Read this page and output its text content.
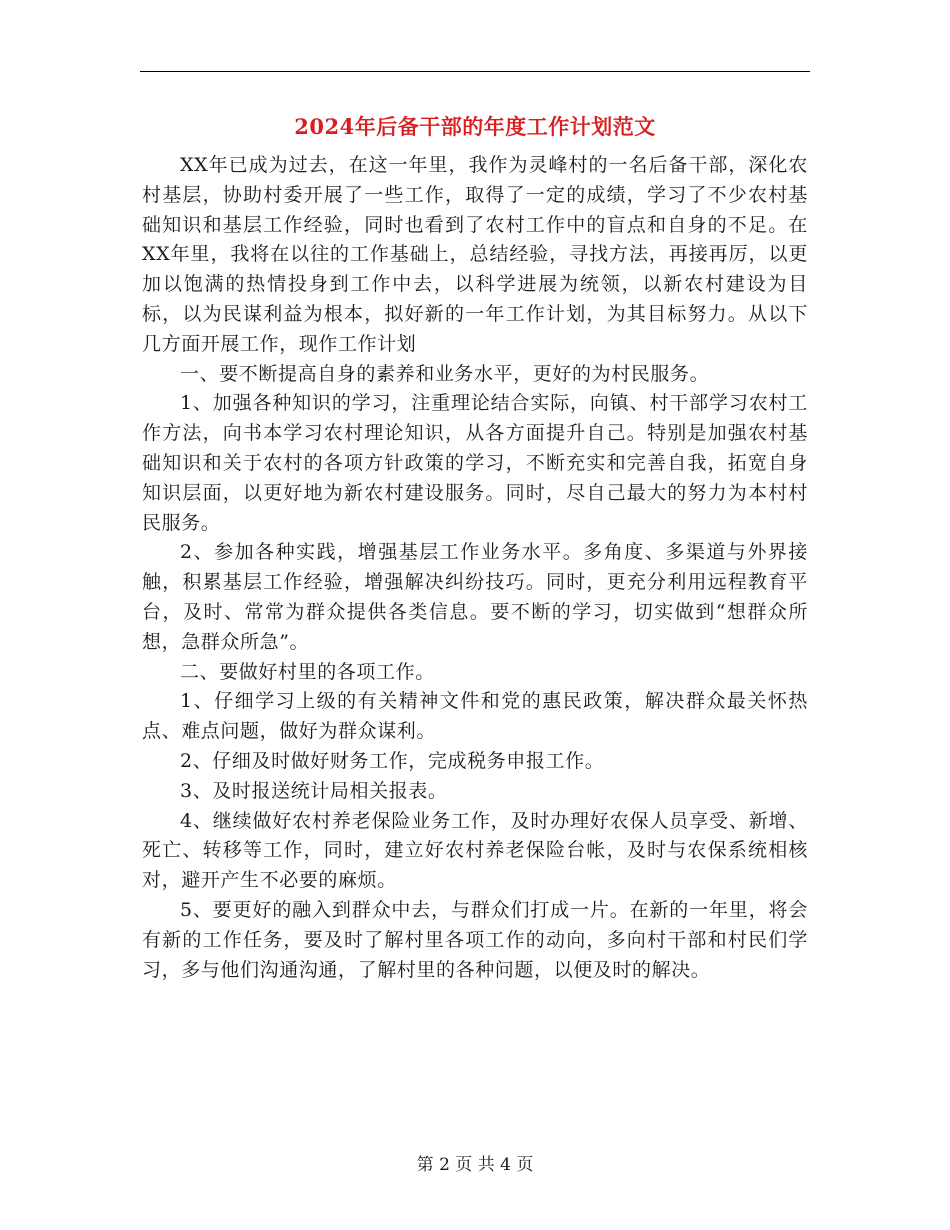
2024年后备干部的年度工作计划范文

XX年已成为过去，在这一年里，我作为灵峰村的一名后备干部，深化农村基层，协助村委开展了一些工作，取得了一定的成绩，学习了不少农村基础知识和基层工作经验，同时也看到了农村工作中的盲点和自身的不足。在XX年里，我将在以往的工作基础上，总结经验，寻找方法，再接再厉，以更加以饱满的热情投身到工作中去，以科学进展为统领，以新农村建设为目标，以为民谋利益为根本，拟好新的一年工作计划，为其目标努力。从以下几方面开展工作，现作工作计划

一、要不断提高自身的素养和业务水平，更好的为村民服务。

1、加强各种知识的学习，注重理论结合实际，向镇、村干部学习农村工作方法，向书本学习农村理论知识，从各方面提升自己。特别是加强农村基础知识和关于农村的各项方针政策的学习，不断充实和完善自我，拓宽自身知识层面，以更好地为新农村建设服务。同时，尽自己最大的努力为本村村民服务。

2、参加各种实践，增强基层工作业务水平。多角度、多渠道与外界接触，积累基层工作经验，增强解决纠纷技巧。同时，更充分利用远程教育平台，及时、常常为群众提供各类信息。要不断的学习，切实做到“想群众所想，急群众所急”。

二、要做好村里的各项工作。

1、仔细学习上级的有关精神文件和党的惠民政策，解决群众最关怀热点、难点问题，做好为群众谋利。

2、仔细及时做好财务工作，完成税务申报工作。

3、及时报送统计局相关报表。

4、继续做好农村养老保险业务工作，及时办理好农保人员享受、新增、死亡、转移等工作，同时，建立好农村养老保险台帐，及时与农保系统相核对，避开产生不必要的麻烦。

5、要更好的融入到群众中去，与群众们打成一片。在新的一年里，将会有新的工作任务，要及时了解村里各项工作的动向，多向村干部和村民们学习，多与他们沟通沟通，了解村里的各种问题，以便及时的解决。

第 2 页 共 4 页
